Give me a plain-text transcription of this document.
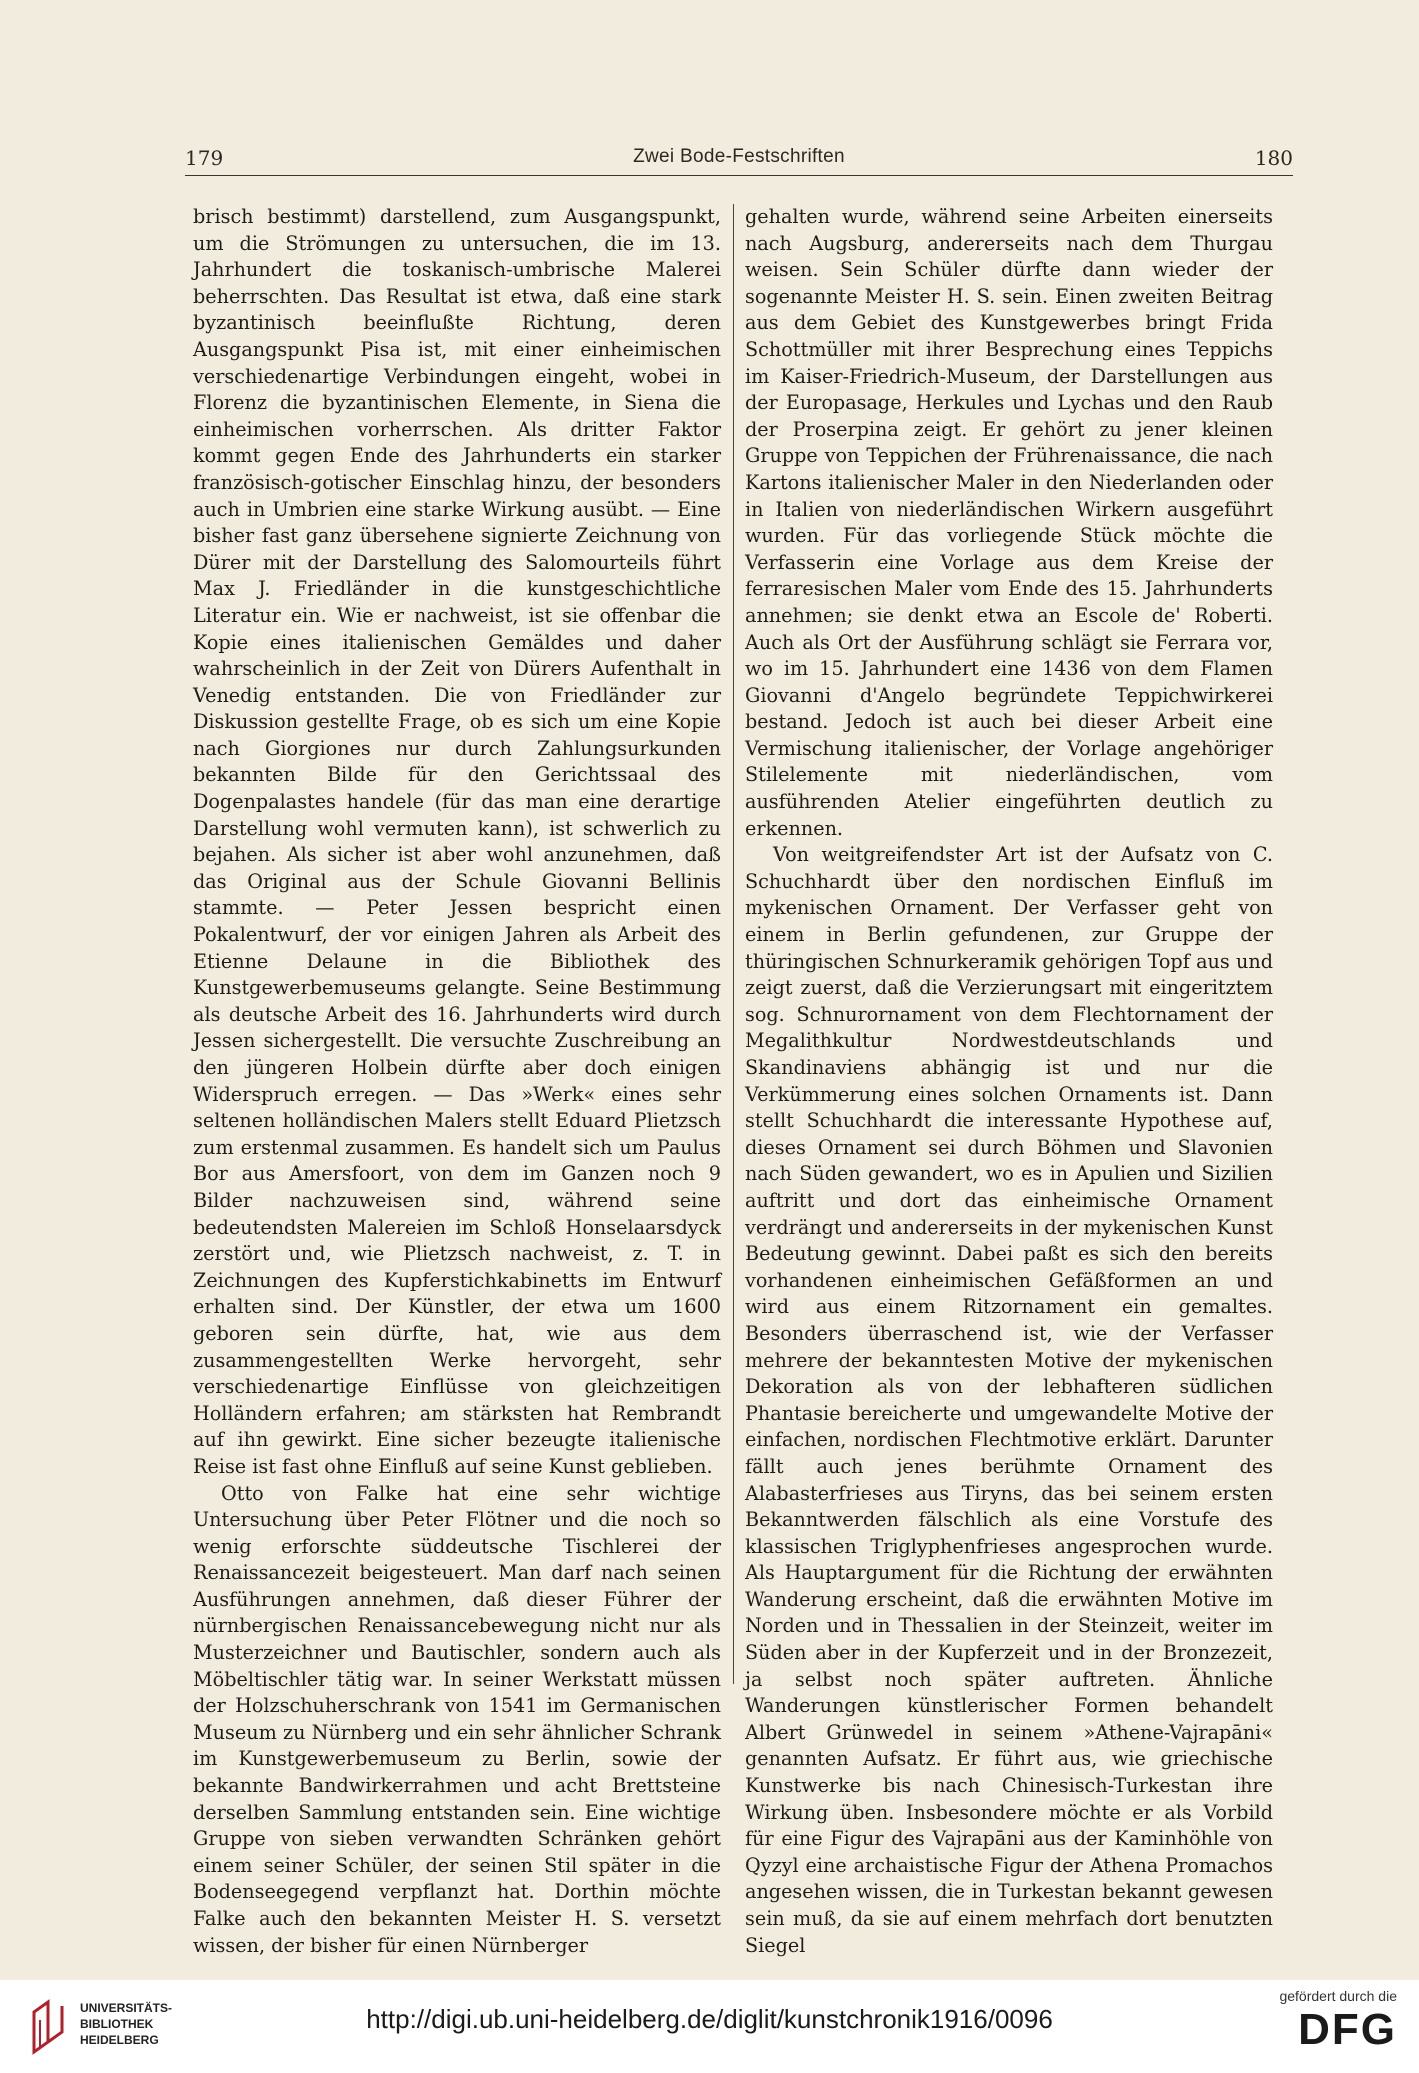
179	Zwei Bode-Festschriften	180

brisch bestimmt) darstellend, zum Ausgangspunkt, um die Strömungen zu untersuchen, die im 13. Jahrhundert die toskanisch-umbrische Malerei beherrschten. Das Resultat ist etwa, daß eine stark byzantinisch beeinflußte Richtung, deren Ausgangspunkt Pisa ist, mit einer einheimischen verschiedenartige Verbindungen eingeht, wobei in Florenz die byzantinischen Elemente, in Siena die einheimischen vorherrschen. Als dritter Faktor kommt gegen Ende des Jahrhunderts ein starker französisch-gotischer Einschlag hinzu, der besonders auch in Umbrien eine starke Wirkung ausübt. — Eine bisher fast ganz übersehene signierte Zeichnung von Dürer mit der Darstellung des Salomourteils führt Max J. Friedländer in die kunstgeschichtliche Literatur ein. Wie er nachweist, ist sie offenbar die Kopie eines italienischen Gemäldes und daher wahrscheinlich in der Zeit von Dürers Aufenthalt in Venedig entstanden. Die von Friedländer zur Diskussion gestellte Frage, ob es sich um eine Kopie nach Giorgiones nur durch Zahlungsurkunden bekannten Bilde für den Gerichtssaal des Dogenpalastes handele (für das man eine derartige Darstellung wohl vermuten kann), ist schwerlich zu bejahen. Als sicher ist aber wohl anzunehmen, daß das Original aus der Schule Giovanni Bellinis stammte. — Peter Jessen bespricht einen Pokalentwurf, der vor einigen Jahren als Arbeit des Etienne Delaune in die Bibliothek des Kunstgewerbemuseums gelangte. Seine Bestimmung als deutsche Arbeit des 16. Jahrhunderts wird durch Jessen sichergestellt. Die versuchte Zuschreibung an den jüngeren Holbein dürfte aber doch einigen Widerspruch erregen. — Das »Werk« eines sehr seltenen holländischen Malers stellt Eduard Plietzsch zum erstenmal zusammen. Es handelt sich um Paulus Bor aus Amersfoort, von dem im Ganzen noch 9 Bilder nachzuweisen sind, während seine bedeutendsten Malereien im Schloß Honselaarsdyck zerstört und, wie Plietzsch nachweist, z. T. in Zeichnungen des Kupferstichkabinetts im Entwurf erhalten sind. Der Künstler, der etwa um 1600 geboren sein dürfte, hat, wie aus dem zusammengestellten Werke hervorgeht, sehr verschiedenartige Einflüsse von gleichzeitigen Holländern erfahren; am stärksten hat Rembrandt auf ihn gewirkt. Eine sicher bezeugte italienische Reise ist fast ohne Einfluß auf seine Kunst geblieben.

Otto von Falke hat eine sehr wichtige Untersuchung über Peter Flötner und die noch so wenig erforschte süddeutsche Tischlerei der Renaissancezeit beigesteuert. Man darf nach seinen Ausführungen annehmen, daß dieser Führer der nürnbergischen Renaissancebewegung nicht nur als Musterzeichner und Bautischler, sondern auch als Möbeltischler tätig war. In seiner Werkstatt müssen der Holzschuherschrank von 1541 im Germanischen Museum zu Nürnberg und ein sehr ähnlicher Schrank im Kunstgewerbemuseum zu Berlin, sowie der bekannte Bandwirkerrahmen und acht Brettsteine derselben Sammlung entstanden sein. Eine wichtige Gruppe von sieben verwandten Schränken gehört einem seiner Schüler, der seinen Stil später in die Bodenseegegend verpflanzt hat. Dorthin möchte Falke auch den bekannten Meister H. S. versetzt wissen, der bisher für einen Nürnberger

gehalten wurde, während seine Arbeiten einerseits nach Augsburg, andererseits nach dem Thurgau weisen. Sein Schüler dürfte dann wieder der sogenannte Meister H. S. sein. Einen zweiten Beitrag aus dem Gebiet des Kunstgewerbes bringt Frida Schottmüller mit ihrer Besprechung eines Teppichs im Kaiser-Friedrich-Museum, der Darstellungen aus der Europasage, Herkules und Lychas und den Raub der Proserpina zeigt. Er gehört zu jener kleinen Gruppe von Teppichen der Frührenaissance, die nach Kartons italienischer Maler in den Niederlanden oder in Italien von niederländischen Wirkern ausgeführt wurden. Für das vorliegende Stück möchte die Verfasserin eine Vorlage aus dem Kreise der ferraresischen Maler vom Ende des 15. Jahrhunderts annehmen; sie denkt etwa an Escole de' Roberti. Auch als Ort der Ausführung schlägt sie Ferrara vor, wo im 15. Jahrhundert eine 1436 von dem Flamen Giovanni d'Angelo begründete Teppichwirkerei bestand. Jedoch ist auch bei dieser Arbeit eine Vermischung italienischer, der Vorlage angehöriger Stilelemente mit niederländischen, vom ausführenden Atelier eingeführten deutlich zu erkennen.

Von weitgreifendster Art ist der Aufsatz von C. Schuchhardt über den nordischen Einfluß im mykenischen Ornament. Der Verfasser geht von einem in Berlin gefundenen, zur Gruppe der thüringischen Schnurkeramik gehörigen Topf aus und zeigt zuerst, daß die Verzierungsart mit eingeritztem sog. Schnurornament von dem Flechtornament der Megalithkultur Nordwestdeutschlands und Skandinaviens abhängig ist und nur die Verkümmerung eines solchen Ornaments ist. Dann stellt Schuchhardt die interessante Hypothese auf, dieses Ornament sei durch Böhmen und Slavonien nach Süden gewandert, wo es in Apulien und Sizilien auftritt und dort das einheimische Ornament verdrängt und andererseits in der mykenischen Kunst Bedeutung gewinnt. Dabei paßt es sich den bereits vorhandenen einheimischen Gefäßformen an und wird aus einem Ritzornament ein gemaltes. Besonders überraschend ist, wie der Verfasser mehrere der bekanntesten Motive der mykenischen Dekoration als von der lebhafteren südlichen Phantasie bereicherte und umgewandelte Motive der einfachen, nordischen Flechtmotive erklärt. Darunter fällt auch jenes berühmte Ornament des Alabasterfrieses aus Tiryns, das bei seinem ersten Bekanntwerden fälschlich als eine Vorstufe des klassischen Triglyphenfrieses angesprochen wurde. Als Hauptargument für die Richtung der erwähnten Wanderung erscheint, daß die erwähnten Motive im Norden und in Thessalien in der Steinzeit, weiter im Süden aber in der Kupferzeit und in der Bronzezeit, ja selbst noch später auftreten. Ähnliche Wanderungen künstlerischer Formen behandelt Albert Grünwedel in seinem »Athene-Vajrapāni« genannten Aufsatz. Er führt aus, wie griechische Kunstwerke bis nach Chinesisch-Turkestan ihre Wirkung üben. Insbesondere möchte er als Vorbild für eine Figur des Vajrapāni aus der Kaminhöhle von Qyzyl eine archaistische Figur der Athena Promachos angesehen wissen, die in Turkestan bekannt gewesen sein muß, da sie auf einem mehrfach dort benutzten Siegel

UNIVERSITÄTS-
BIBLIOTHEK
HEIDELBERG
http://digi.ub.uni-heidelberg.de/diglit/kunstchronik1916/0096
gefördert durch die
DFG
